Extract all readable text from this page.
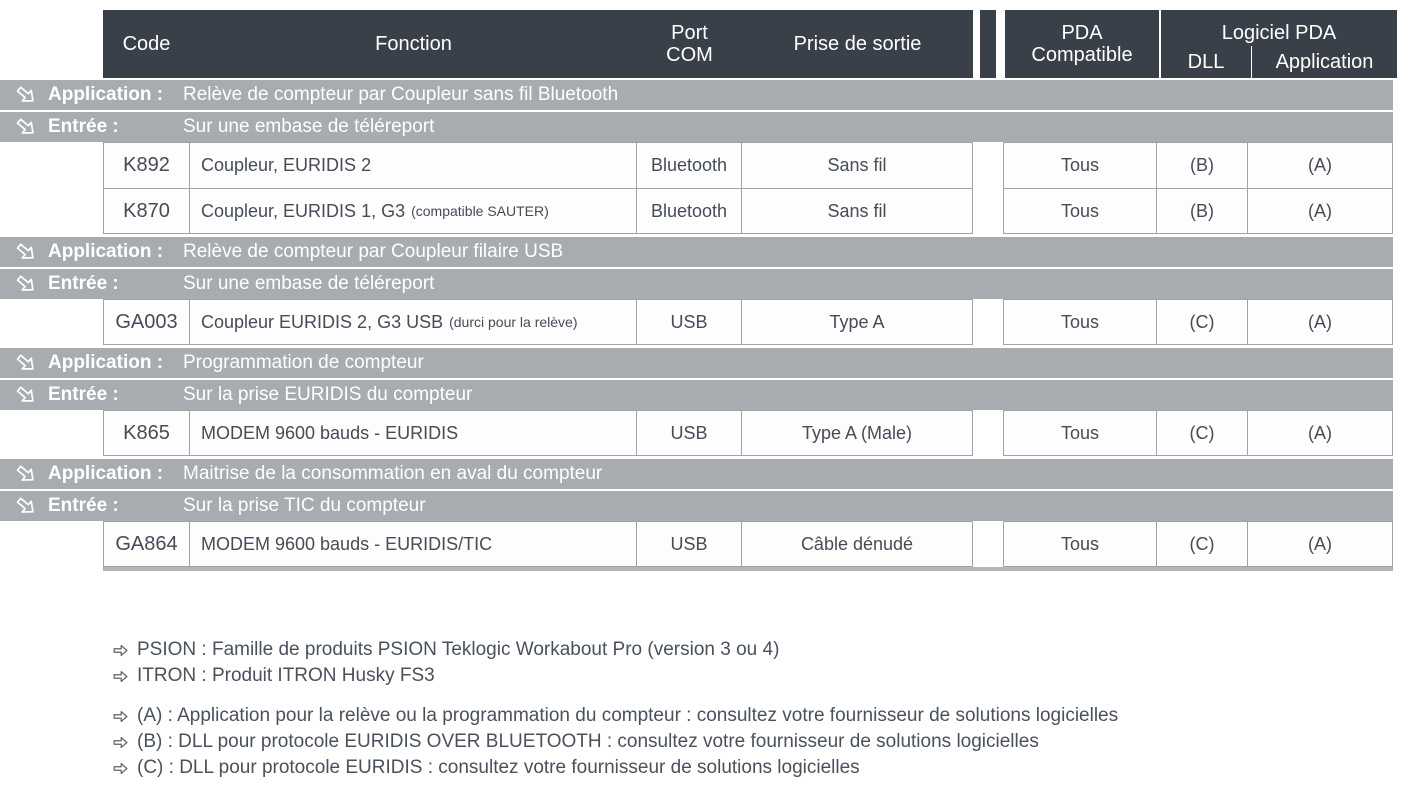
Code	Fonction	Port COM	Prise de sortie	PDA Compatible
Logiciel PDA
DLL	Application
Application :	Relève de compteur par Coupleur sans fil Bluetooth
Entrée :	Sur une embase de téléreport
K892	Coupleur, EURIDIS 2	Bluetooth	Sans fil	Tous	(B)	(A)
K870	Coupleur, EURIDIS 1, G3 (compatible SAUTER)	Bluetooth	Sans fil	Tous	(B)	(A)
Application :	Relève de compteur par Coupleur filaire USB
Entrée :	Sur une embase de téléreport
GA003	Coupleur EURIDIS 2, G3 USB (durci pour la relève)	USB	Type A	Tous	(C)	(A)
Application :	Programmation de compteur
Entrée :	Sur la prise EURIDIS du compteur
K865	MODEM 9600 bauds - EURIDIS	USB	Type A (Male)	Tous	(C)	(A)
Application :	Maitrise de la consommation en aval du compteur
Entrée :	Sur la prise TIC du compteur
GA864	MODEM 9600 bauds - EURIDIS/TIC	USB	Câble dénudé	Tous	(C)	(A)
PSION : Famille de produits PSION Teklogic Workabout Pro (version 3 ou 4)
ITRON : Produit ITRON Husky FS3
(A) : Application pour la relève ou la programmation du compteur : consultez votre fournisseur de solutions logicielles
(B) : DLL pour protocole EURIDIS OVER BLUETOOTH : consultez votre fournisseur de solutions logicielles
(C) : DLL pour protocole EURIDIS : consultez votre fournisseur de solutions logicielles
